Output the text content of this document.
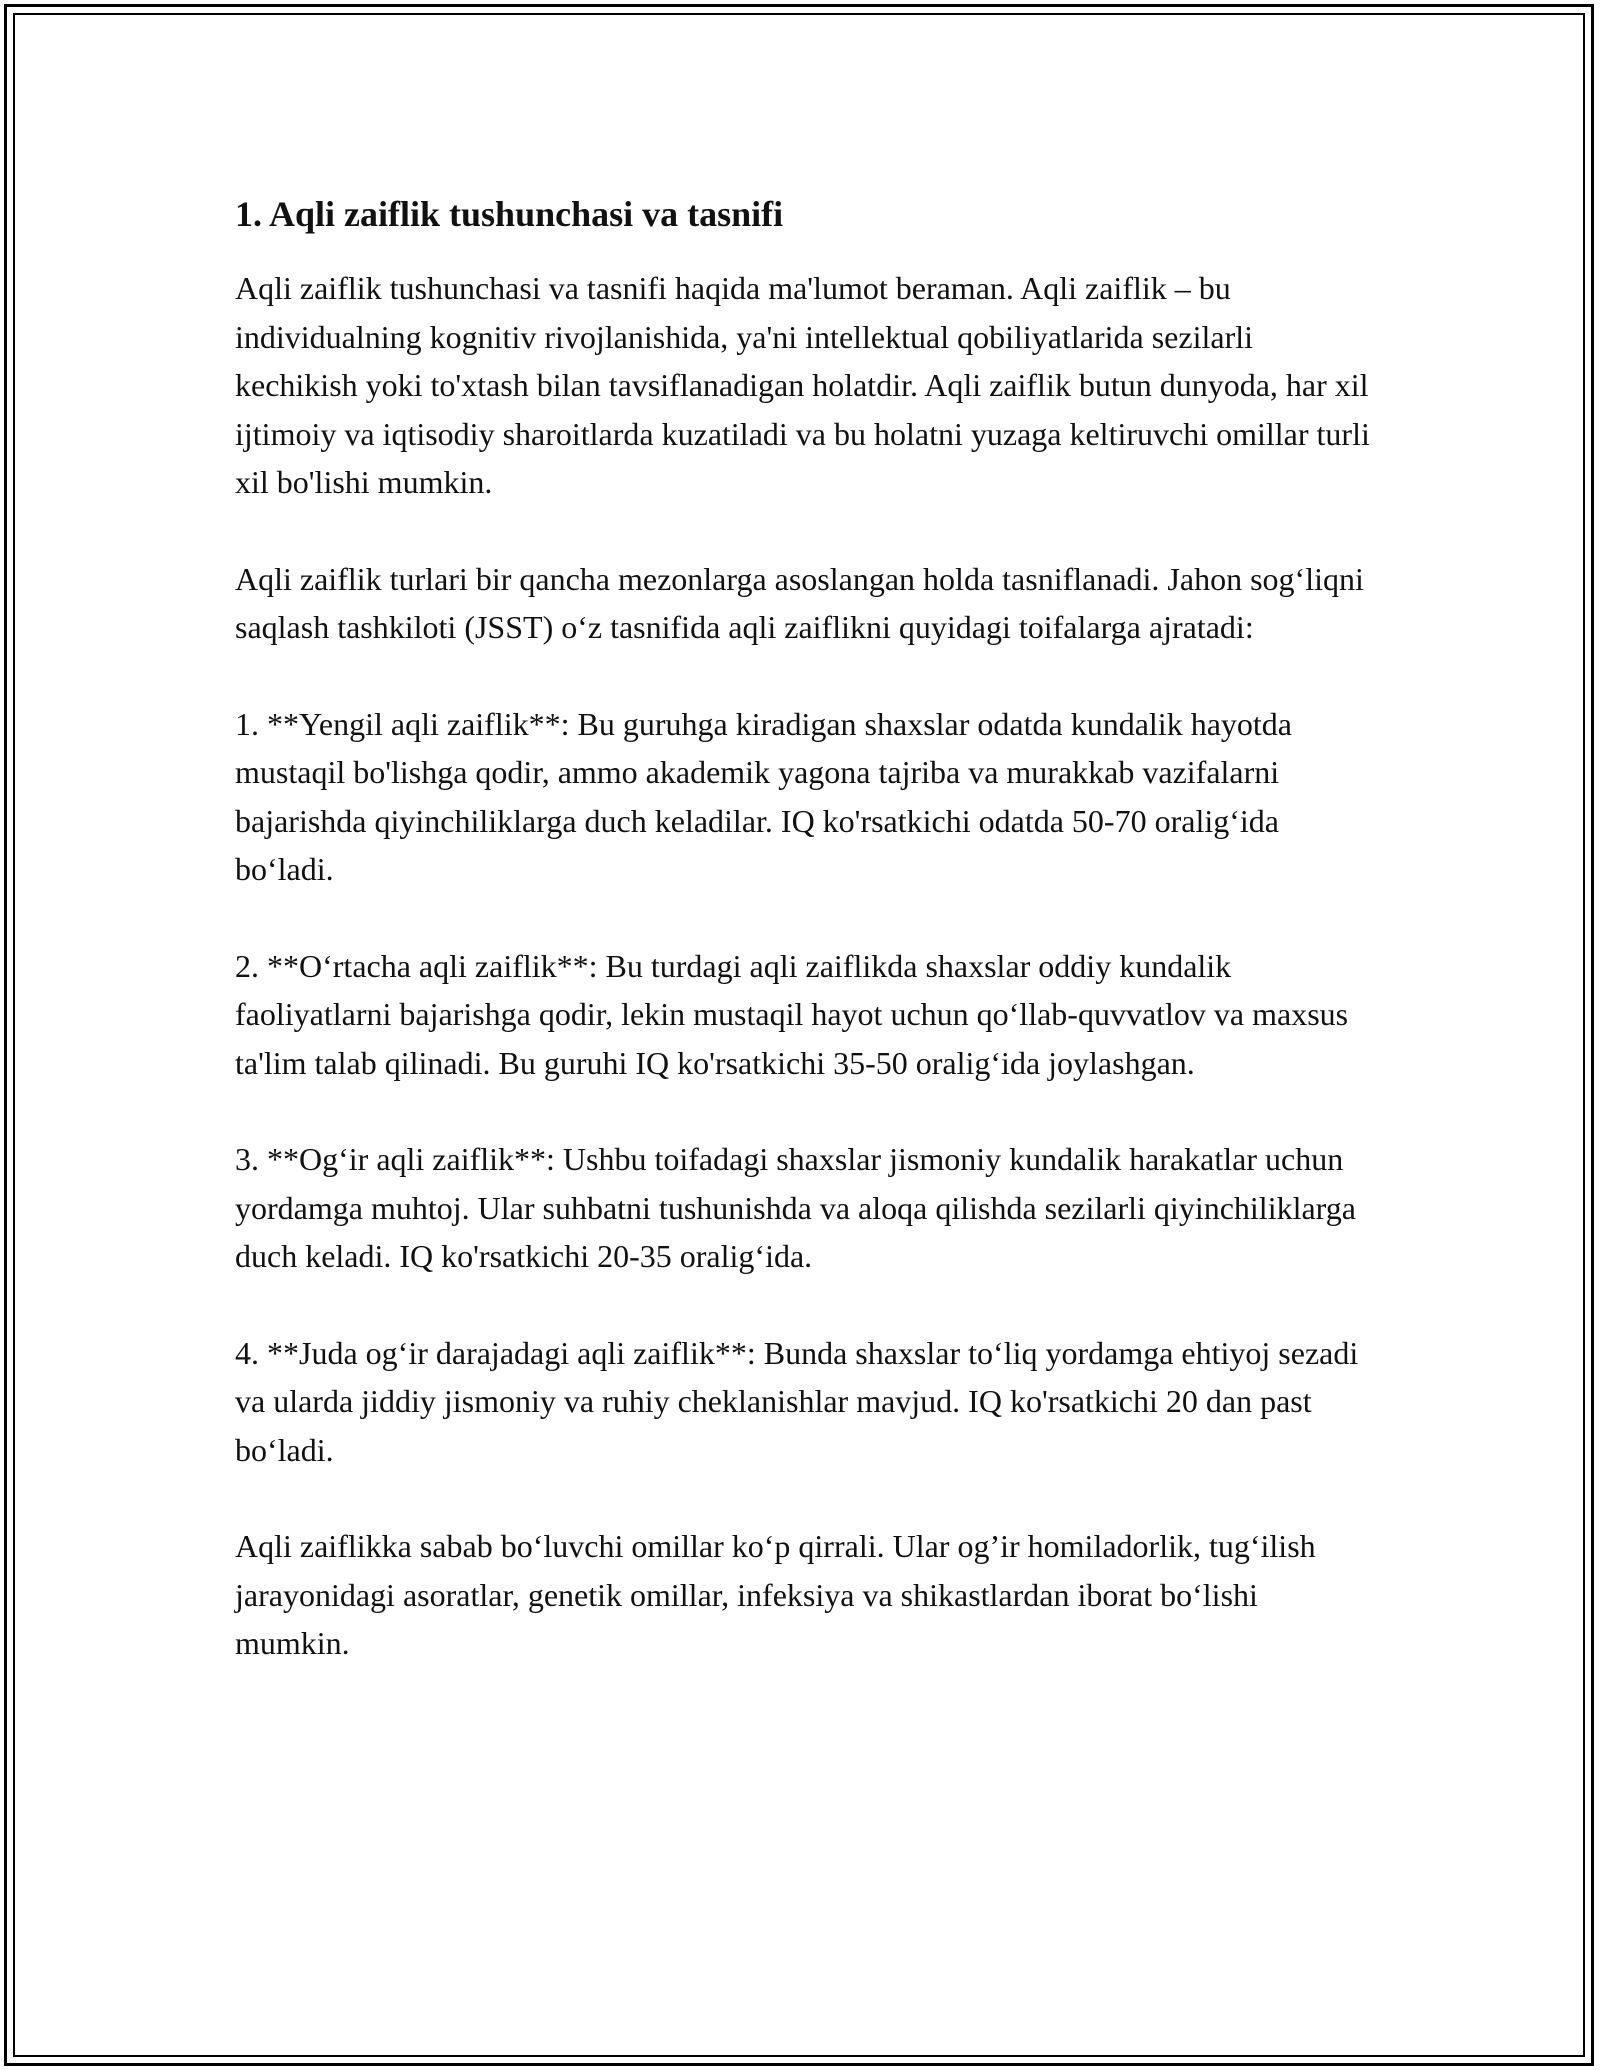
1. Aqli zaiflik tushunchasi va tasnifi

Aqli zaiflik tushunchasi va tasnifi haqida ma'lumot beraman. Aqli zaiflik – bu individualning kognitiv rivojlanishida, ya'ni intellektual qobiliyatlarida sezilarli kechikish yoki to'xtash bilan tavsiflanadigan holatdir. Aqli zaiflik butun dunyoda, har xil ijtimoiy va iqtisodiy sharoitlarda kuzatiladi va bu holatni yuzaga keltiruvchi omillar turli xil bo'lishi mumkin.

Aqli zaiflik turlari bir qancha mezonlarga asoslangan holda tasniflanadi. Jahon sog‘liqni saqlash tashkiloti (JSST) o‘z tasnifida aqli zaiflikni quyidagi toifalarga ajratadi:

1. **Yengil aqli zaiflik**: Bu guruhga kiradigan shaxslar odatda kundalik hayotda mustaqil bo'lishga qodir, ammo akademik yagona tajriba va murakkab vazifalarni bajarishda qiyinchiliklarga duch keladilar. IQ ko'rsatkichi odatda 50-70 oralig‘ida bo‘ladi.

2. **O‘rtacha aqli zaiflik**: Bu turdagi aqli zaiflikda shaxslar oddiy kundalik faoliyatlarni bajarishga qodir, lekin mustaqil hayot uchun qo‘llab-quvvatlov va maxsus ta'lim talab qilinadi. Bu guruhi IQ ko'rsatkichi 35-50 oralig‘ida joylashgan.

3. **Og‘ir aqli zaiflik**: Ushbu toifadagi shaxslar jismoniy kundalik harakatlar uchun yordamga muhtoj. Ular suhbatni tushunishda va aloqa qilishda sezilarli qiyinchiliklarga duch keladi. IQ ko'rsatkichi 20-35 oralig‘ida.

4. **Juda og‘ir darajadagi aqli zaiflik**: Bunda shaxslar to‘liq yordamga ehtiyoj sezadi va ularda jiddiy jismoniy va ruhiy cheklanishlar mavjud. IQ ko'rsatkichi 20 dan past bo‘ladi.

Aqli zaiflikka sabab bo‘luvchi omillar ko‘p qirrali. Ular og’ir homiladorlik, tug‘ilish jarayonidagi asoratlar, genetik omillar, infeksiya va shikastlardan iborat bo‘lishi mumkin.
